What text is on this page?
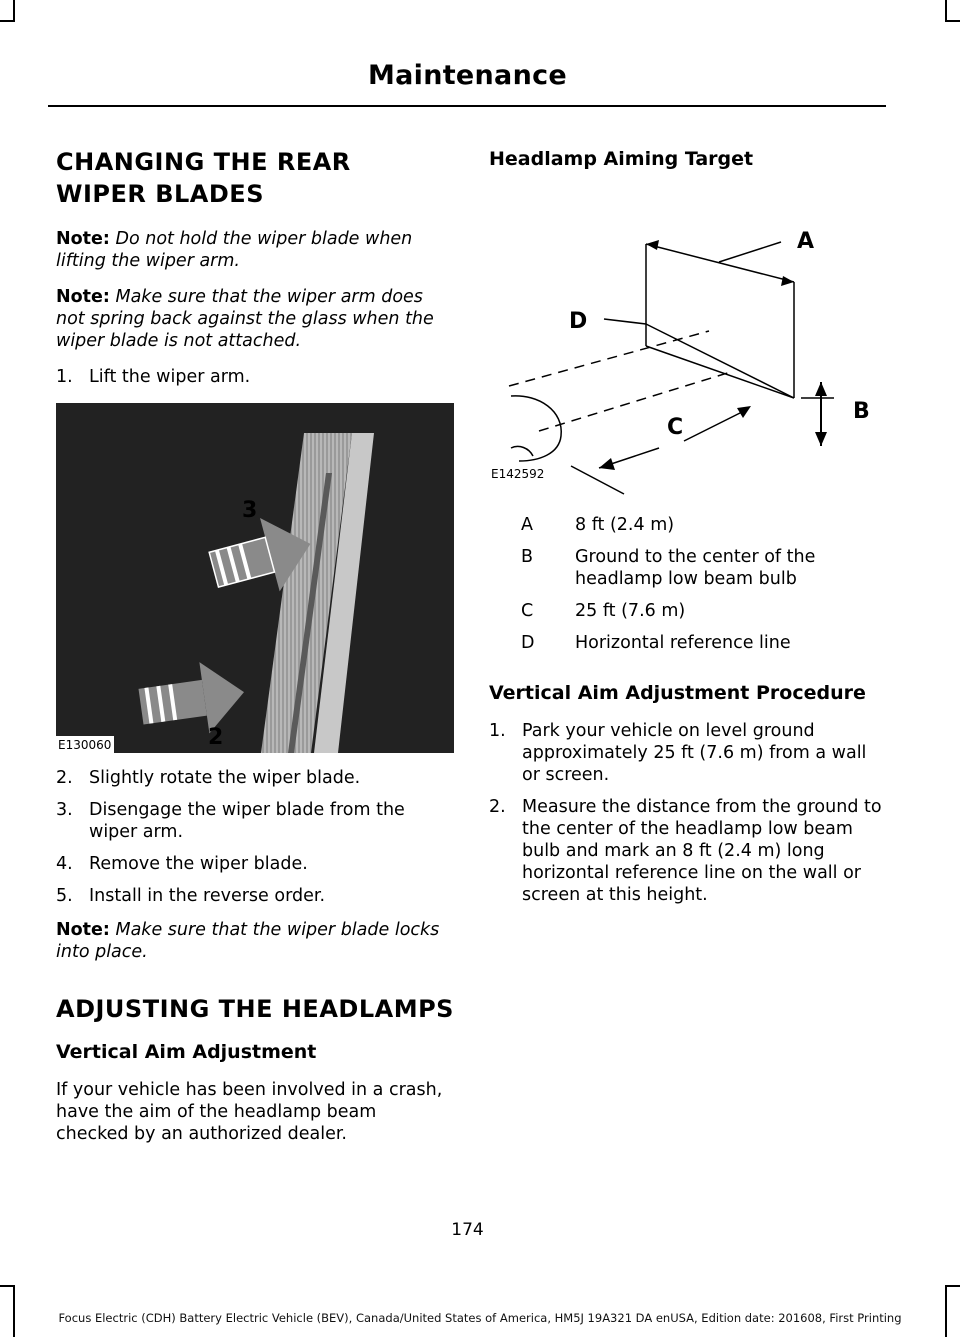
Maintenance
CHANGING THE REAR WIPER BLADES

Note: Do not hold the wiper blade when lifting the wiper arm.

Note: Make sure that the wiper arm does not spring back against the glass when the wiper blade is not attached.

1. Lift the wiper arm.
3
2
E130060
2. Slightly rotate the wiper blade.
3. Disengage the wiper blade from the wiper arm.
4. Remove the wiper blade.
5. Install in the reverse order.

Note: Make sure that the wiper blade locks into place.

ADJUSTING THE HEADLAMPS
Vertical Aim Adjustment

If your vehicle has been involved in a crash, have the aim of the headlamp beam checked by an authorized dealer.

Headlamp Aiming Target
A
B
C
D
E142592
A	8 ft (2.4 m)
B	Ground to the center of the headlamp low beam bulb
C	25 ft (7.6 m)
D	Horizontal reference line
Vertical Aim Adjustment Procedure
1. Park your vehicle on level ground approximately 25 ft (7.6 m) from a wall or screen.
2. Measure the distance from the ground to the center of the headlamp low beam bulb and mark an 8 ft (2.4 m) long horizontal reference line on the wall or screen at this height.
174
Focus Electric (CDH) Battery Electric Vehicle (BEV), Canada/United States of America, HM5J 19A321 DA enUSA, Edition date: 201608, First Printing
